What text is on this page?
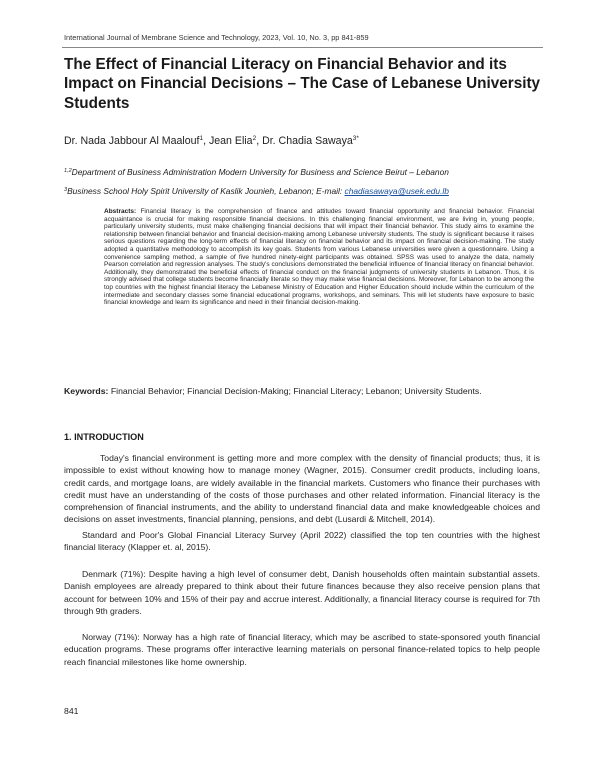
International Journal of Membrane Science and Technology, 2023, Vol. 10, No. 3, pp 841-859
The Effect of Financial Literacy on Financial Behavior and its Impact on Financial Decisions – The Case of Lebanese University Students
Dr. Nada Jabbour Al Maalouf$^1$, Jean Elia$^2$, Dr. Chadia Sawaya$^{3*}$
$^{1,2}$Department of Business Administration Modern University for Business and Science Beirut – Lebanon
$^3$Business School Holy Spirit University of Kaslik Jounieh, Lebanon; E-mail: chadiasawaya@usek.edu.lb

Abstracts: Financial literacy is the comprehension of finance and attitudes toward financial opportunity and financial behavior. Financial acquaintance is crucial for making responsible financial decisions. In this challenging financial environment, we are living in, young people, particularly university students, must make challenging financial decisions that will impact their financial behavior. This study aims to examine the relationship between financial behavior and financial decision-making among Lebanese university students. The study is significant because it raises serious questions regarding the long-term effects of financial literacy on financial behavior and its impact on financial decision-making. The study adopted a quantitative methodology to accomplish its key goals. Students from various Lebanese universities were given a questionnaire. Using a convenience sampling method, a sample of five hundred ninety-eight participants was obtained. SPSS was used to analyze the data, namely Pearson correlation and regression analyses. The study's conclusions demonstrated the beneficial influence of financial literacy on financial behavior. Additionally, they demonstrated the beneficial effects of financial conduct on the financial judgments of university students in Lebanon. Thus, it is strongly advised that college students become financially literate so they may make wise financial decisions. Moreover, for Lebanon to be among the top countries with the highest financial literacy the Lebanese Ministry of Education and Higher Education should include within the curriculum of the intermediate and secondary classes some financial educational programs, workshops, and seminars. This will let students have exposure to basic financial knowledge and learn its significance and need in their financial decision-making.

Keywords: Financial Behavior; Financial Decision-Making; Financial Literacy; Lebanon; University Students.
1. INTRODUCTION

Today's financial environment is getting more and more complex with the density of financial products; thus, it is impossible to exist without knowing how to manage money (Wagner, 2015). Consumer credit products, including loans, credit cards, and mortgage loans, are widely available in the financial markets. Customers who finance their purchases with credit must have an understanding of the costs of those purchases and other related information. Financial literacy is the comprehension of financial instruments, and the ability to understand financial data and make knowledgeable choices and decisions on asset investments, financial planning, pensions, and debt (Lusardi & Mitchell, 2014).

Standard and Poor's Global Financial Literacy Survey (April 2022) classified the top ten countries with the highest financial literacy (Klapper et. al, 2015).

Denmark (71%): Despite having a high level of consumer debt, Danish households often maintain substantial assets. Danish employees are already prepared to think about their future finances because they also receive pension plans that account for between 10% and 15% of their pay and accrue interest. Additionally, a financial literacy course is required for 7th through 9th graders.

Norway (71%): Norway has a high rate of financial literacy, which may be ascribed to state-sponsored youth financial education programs. These programs offer interactive learning materials on personal finance-related topics to help people reach financial milestones like home ownership.

841
